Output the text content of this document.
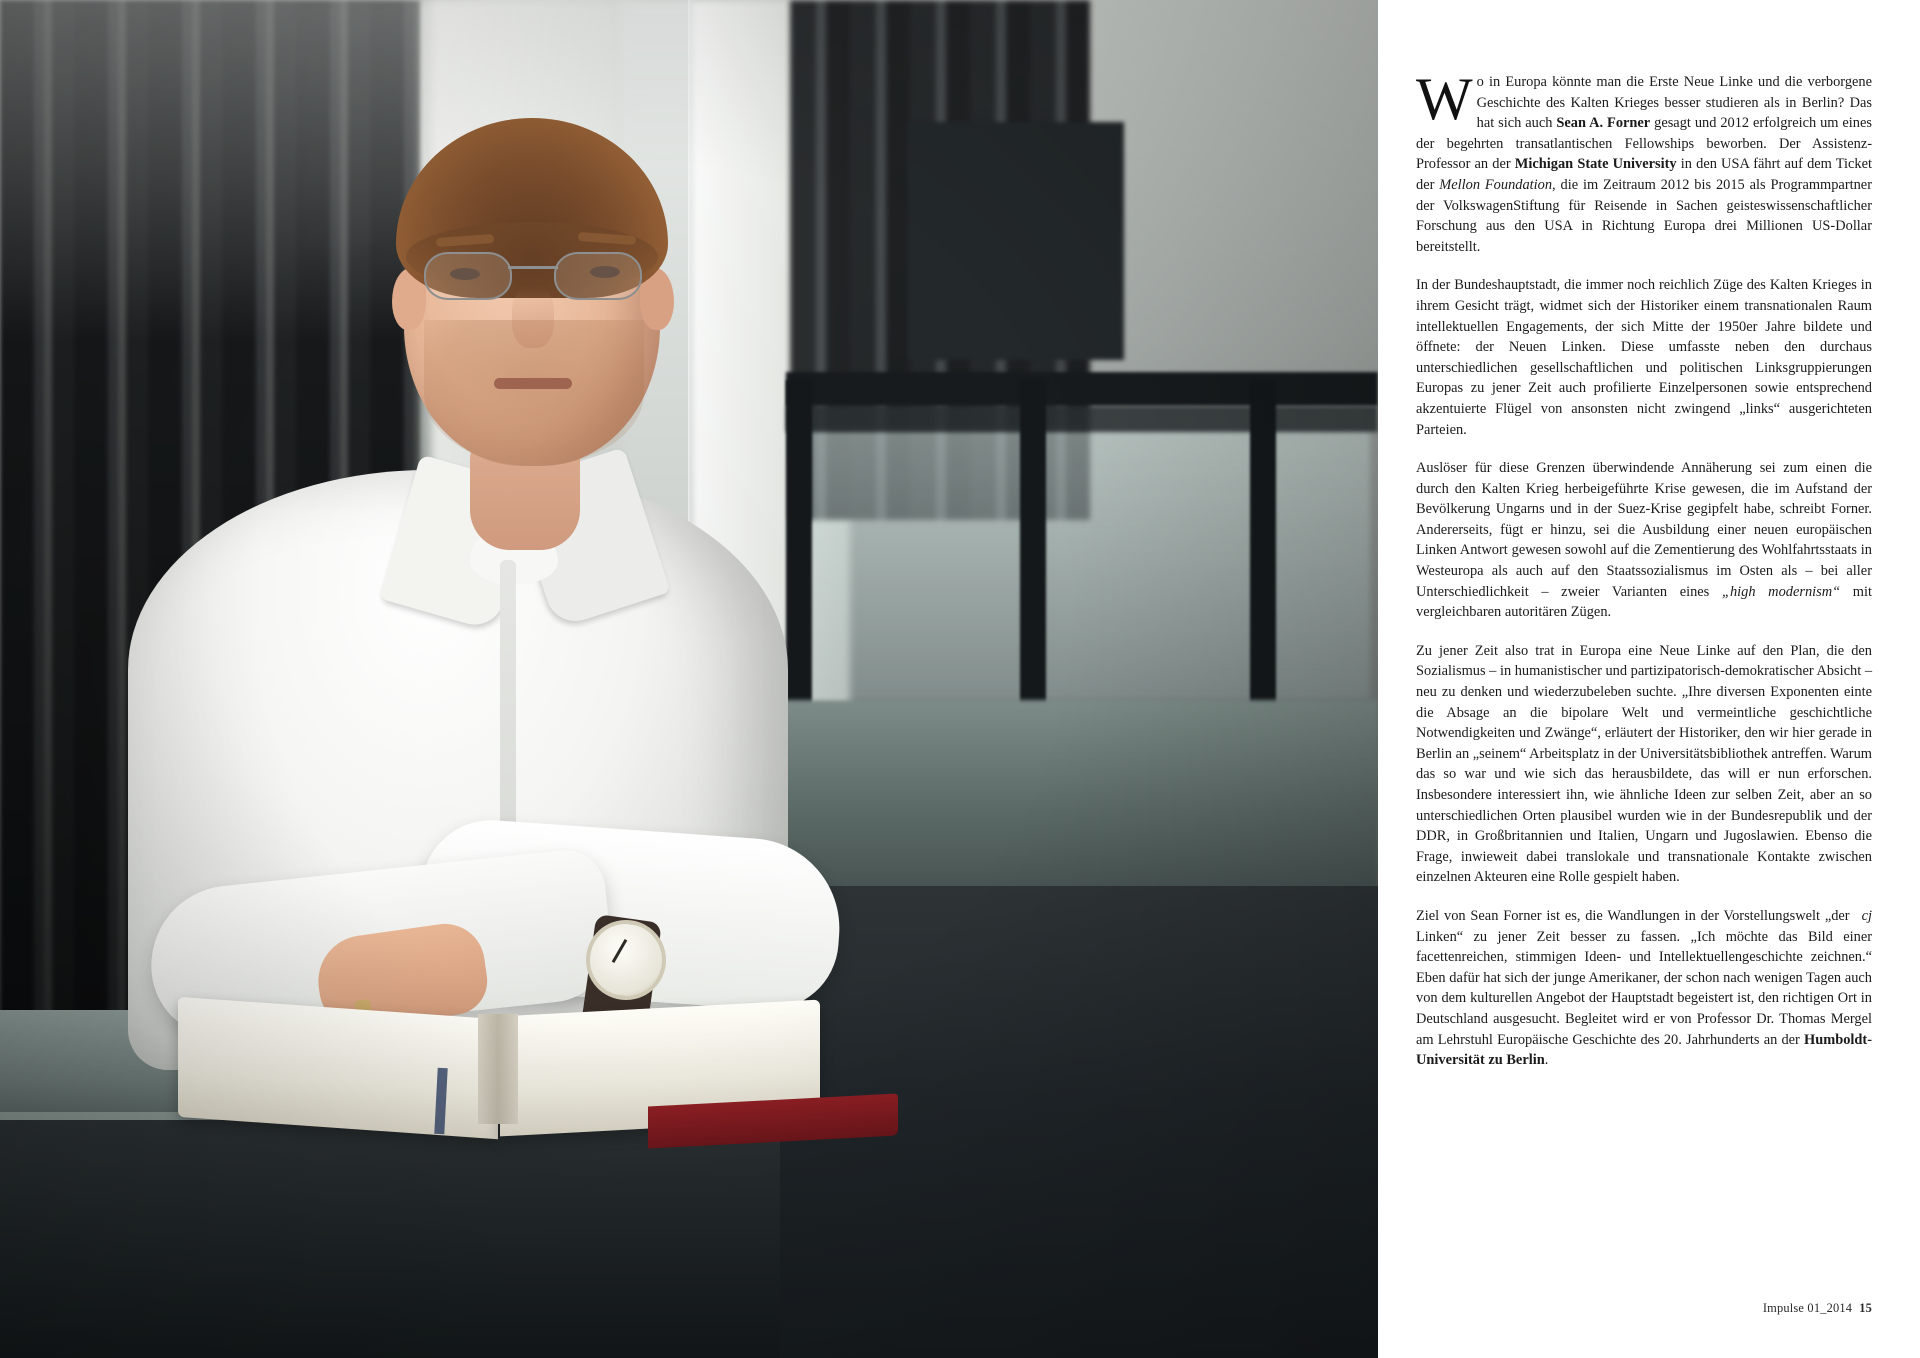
Wo in Europa könnte man die Erste Neue Linke und die verborgene Geschichte des Kalten Krieges besser studieren als in Berlin? Das hat sich auch Sean A. Forner gesagt und 2012 erfolgreich um eines der begehrten transatlantischen Fellowships beworben. Der Assistenz-Professor an der Michigan State University in den USA fährt auf dem Ticket der Mellon Foundation, die im Zeitraum 2012 bis 2015 als Programmpartner der VolkswagenStiftung für Reisende in Sachen geisteswissenschaftlicher Forschung aus den USA in Richtung Europa drei Millionen US-Dollar bereitstellt.

In der Bundeshauptstadt, die immer noch reichlich Züge des Kalten Krieges in ihrem Gesicht trägt, widmet sich der Historiker einem transnationalen Raum intellektuellen Engagements, der sich Mitte der 1950er Jahre bildete und öffnete: der Neuen Linken. Diese umfasste neben den durchaus unterschiedlichen gesellschaftlichen und politischen Linksgruppierungen Europas zu jener Zeit auch profilierte Einzelpersonen sowie entsprechend akzentuierte Flügel von ansonsten nicht zwingend „links“ ausgerichteten Parteien.

Auslöser für diese Grenzen überwindende Annäherung sei zum einen die durch den Kalten Krieg herbeigeführte Krise gewesen, die im Aufstand der Bevölkerung Ungarns und in der Suez-Krise gegipfelt habe, schreibt Forner. Andererseits, fügt er hinzu, sei die Ausbildung einer neuen europäischen Linken Antwort gewesen sowohl auf die Zementierung des Wohlfahrtsstaats in Westeuropa als auch auf den Staatssozialismus im Osten als – bei aller Unterschiedlichkeit – zweier Varianten eines „high modernism“ mit vergleichbaren autoritären Zügen.

Zu jener Zeit also trat in Europa eine Neue Linke auf den Plan, die den Sozialismus – in humanistischer und partizipatorisch-demokratischer Absicht – neu zu denken und wiederzubeleben suchte. „Ihre diversen Exponenten einte die Absage an die bipolare Welt und vermeintliche geschichtliche Notwendigkeiten und Zwänge“, erläutert der Historiker, den wir hier gerade in Berlin an „seinem“ Arbeitsplatz in der Universitätsbibliothek antreffen. Warum das so war und wie sich das herausbildete, das will er nun erforschen. Insbesondere interessiert ihn, wie ähnliche Ideen zur selben Zeit, aber an so unterschiedlichen Orten plausibel wurden wie in der Bundesrepublik und der DDR, in Großbritannien und Italien, Ungarn und Jugoslawien. Ebenso die Frage, inwieweit dabei translokale und transnationale Kontakte zwischen einzelnen Akteuren eine Rolle gespielt haben.

cj
Ziel von Sean Forner ist es, die Wandlungen in der Vorstellungswelt „der Linken“ zu jener Zeit besser zu fassen. „Ich möchte das Bild einer facettenreichen, stimmigen Ideen- und Intellektuellengeschichte zeichnen.“ Eben dafür hat sich der junge Amerikaner, der schon nach wenigen Tagen auch von dem kulturellen Angebot der Hauptstadt begeistert ist, den richtigen Ort in Deutschland ausgesucht. Begleitet wird er von Professor Dr. Thomas Mergel am Lehrstuhl Europäische Geschichte des 20. Jahrhunderts an der Humboldt-Universität zu Berlin.

Impulse 01_2014 15
